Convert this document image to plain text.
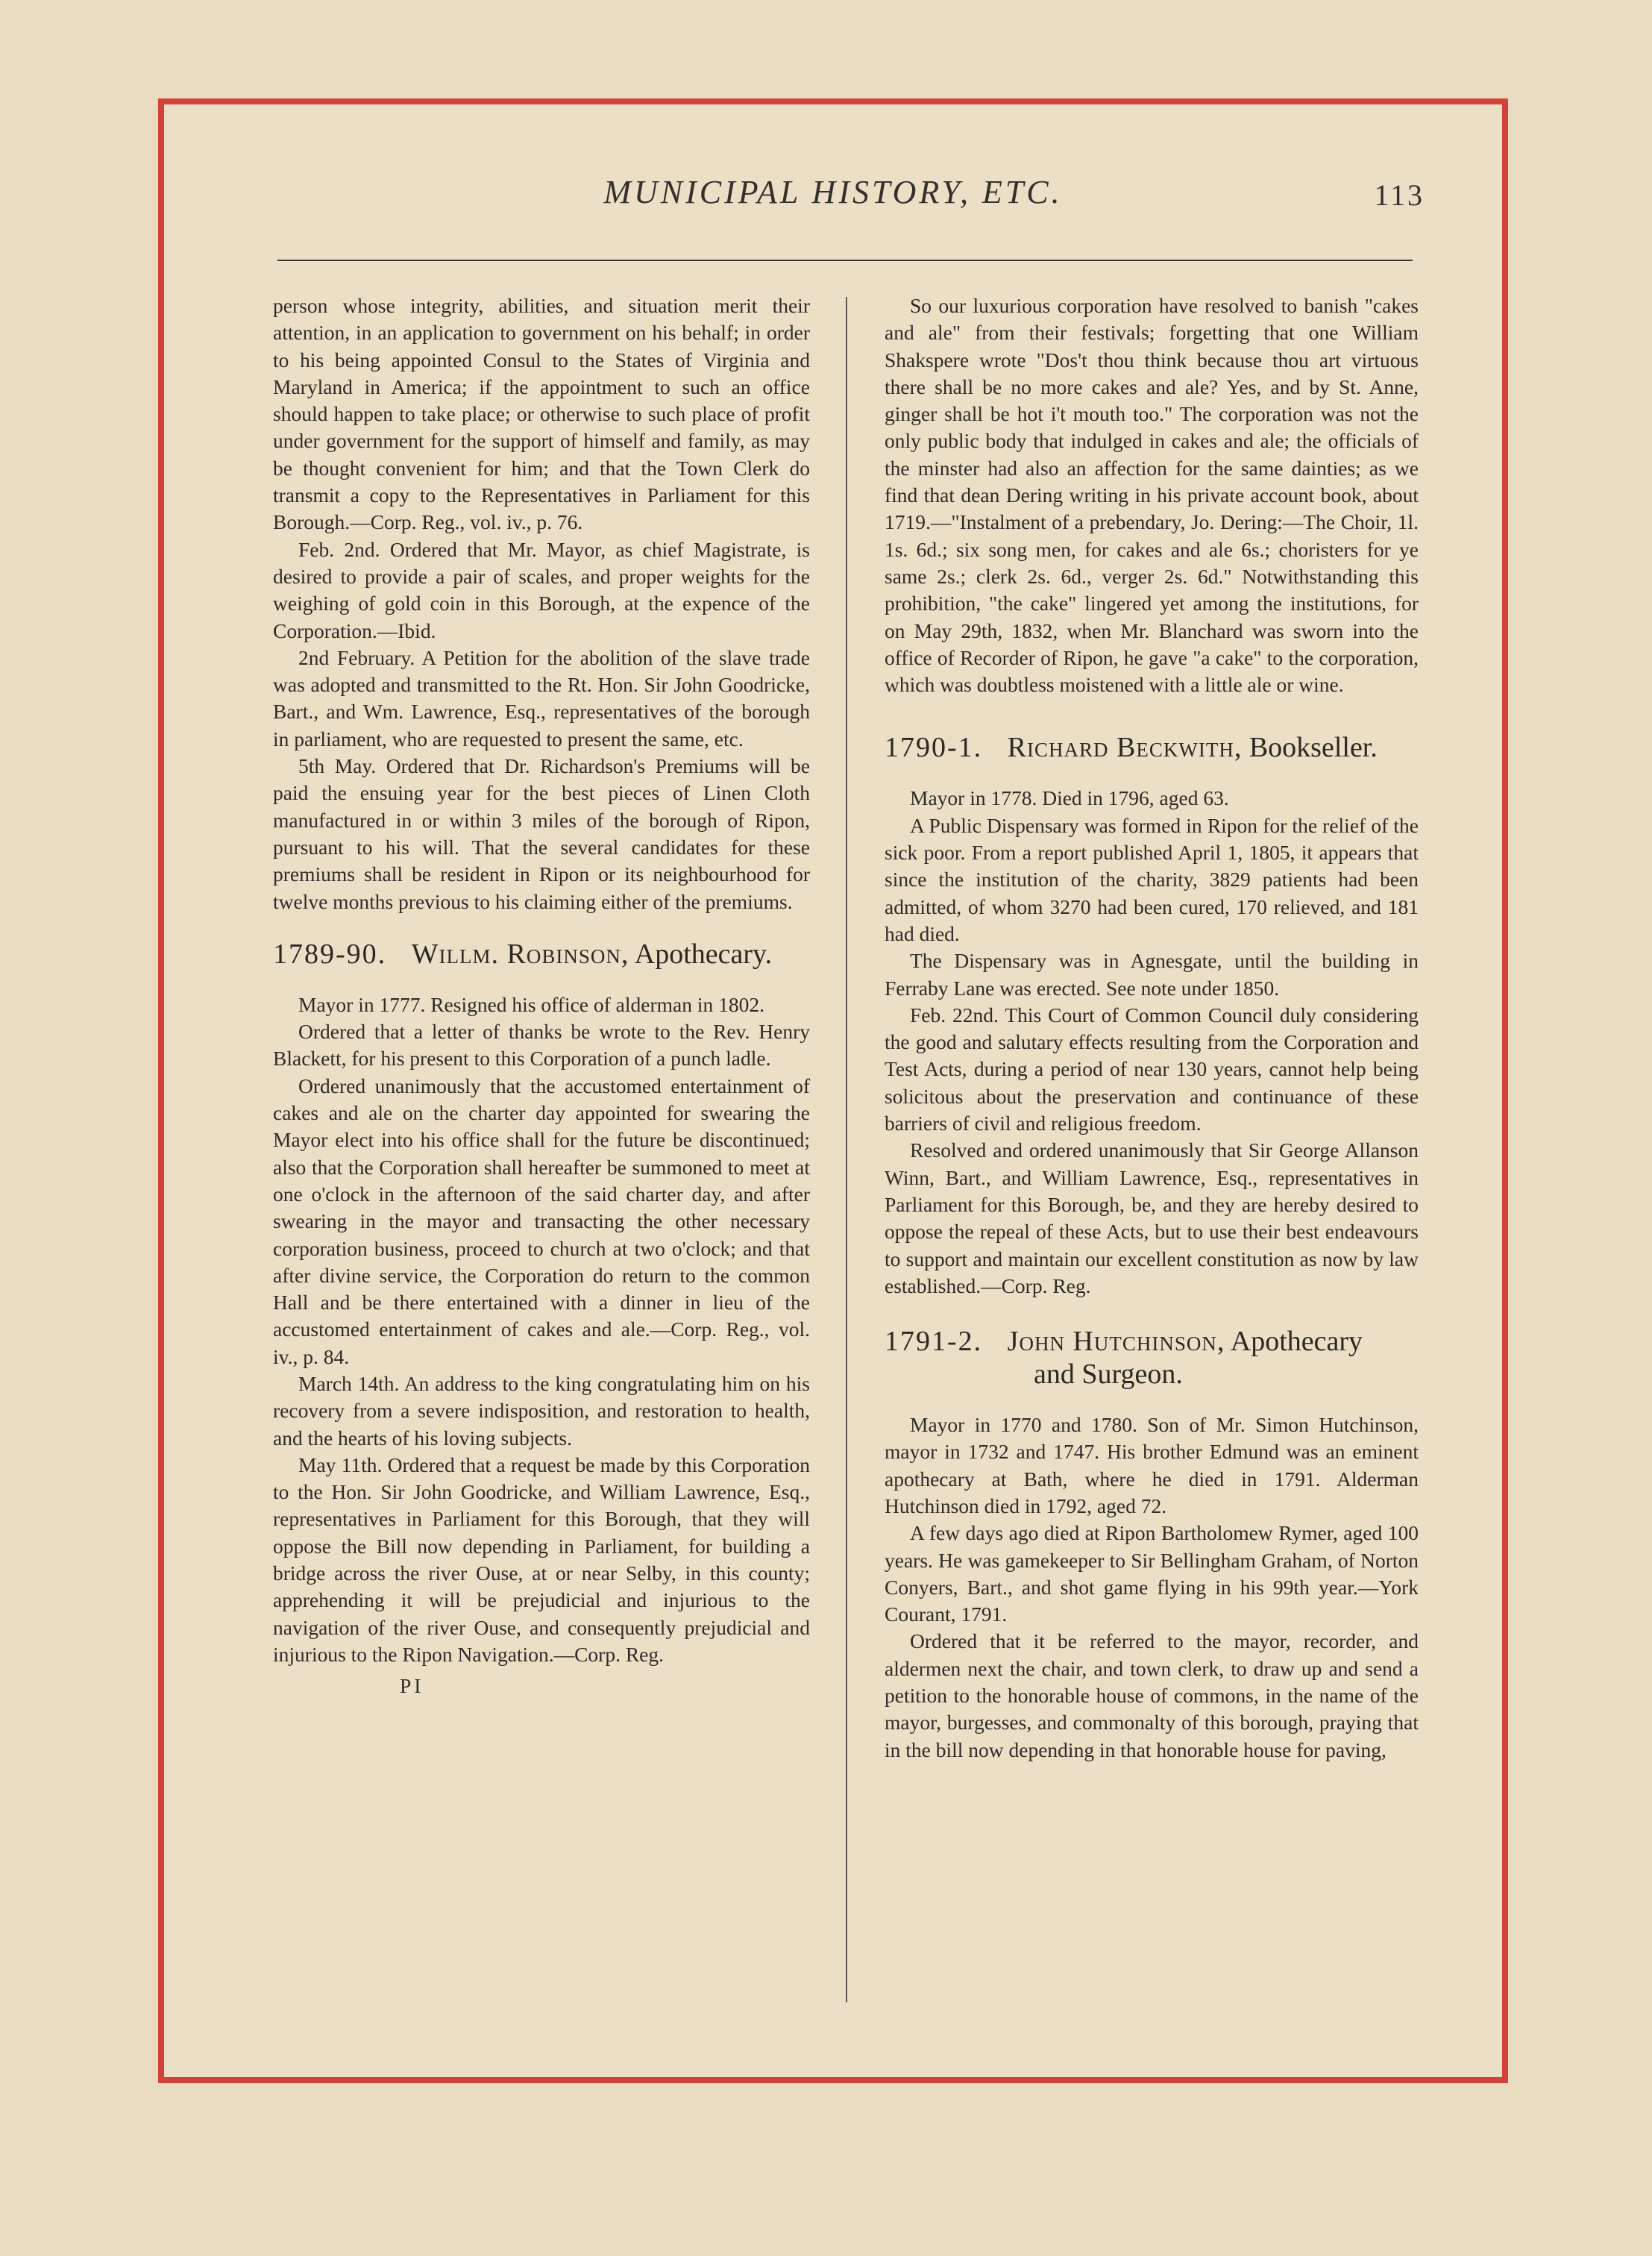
MUNICIPAL HISTORY, ETC.	113

person whose integrity, abilities, and situation merit their attention, in an application to government on his behalf; in order to his being appointed Consul to the States of Virginia and Maryland in America; if the appointment to such an office should happen to take place; or otherwise to such place of profit under government for the support of himself and family, as may be thought convenient for him; and that the Town Clerk do transmit a copy to the Representatives in Parliament for this Borough.—Corp. Reg., vol. iv., p. 76.

Feb. 2nd. Ordered that Mr. Mayor, as chief Magistrate, is desired to provide a pair of scales, and proper weights for the weighing of gold coin in this Borough, at the expence of the Corporation.—Ibid.

2nd February. A Petition for the abolition of the slave trade was adopted and transmitted to the Rt. Hon. Sir John Goodricke, Bart., and Wm. Lawrence, Esq., representatives of the borough in parliament, who are requested to present the same, etc.

5th May. Ordered that Dr. Richardson's Premiums will be paid the ensuing year for the best pieces of Linen Cloth manufactured in or within 3 miles of the borough of Ripon, pursuant to his will. That the several candidates for these premiums shall be resident in Ripon or its neighbourhood for twelve months previous to his claiming either of the premiums.

1789-90. Willm. Robinson, Apothecary.

Mayor in 1777. Resigned his office of alderman in 1802.

Ordered that a letter of thanks be wrote to the Rev. Henry Blackett, for his present to this Corporation of a punch ladle.

Ordered unanimously that the accustomed entertainment of cakes and ale on the charter day appointed for swearing the Mayor elect into his office shall for the future be discontinued; also that the Corporation shall hereafter be summoned to meet at one o'clock in the afternoon of the said charter day, and after swearing in the mayor and transacting the other necessary corporation business, proceed to church at two o'clock; and that after divine service, the Corporation do return to the common Hall and be there entertained with a dinner in lieu of the accustomed entertainment of cakes and ale.—Corp. Reg., vol. iv., p. 84.

March 14th. An address to the king congratulating him on his recovery from a severe indisposition, and restoration to health, and the hearts of his loving subjects.

May 11th. Ordered that a request be made by this Corporation to the Hon. Sir John Goodricke, and William Lawrence, Esq., representatives in Parliament for this Borough, that they will oppose the Bill now depending in Parliament, for building a bridge across the river Ouse, at or near Selby, in this county; apprehending it will be prejudicial and injurious to the navigation of the river Ouse, and consequently prejudicial and injurious to the Ripon Navigation.—Corp. Reg.

PI

So our luxurious corporation have resolved to banish "cakes and ale" from their festivals; forgetting that one William Shakspere wrote "Dos't thou think because thou art virtuous there shall be no more cakes and ale? Yes, and by St. Anne, ginger shall be hot i't mouth too." The corporation was not the only public body that indulged in cakes and ale; the officials of the minster had also an affection for the same dainties; as we find that dean Dering writing in his private account book, about 1719.—"Instalment of a prebendary, Jo. Dering:—The Choir, 1l. 1s. 6d.; six song men, for cakes and ale 6s.; choristers for ye same 2s.; clerk 2s. 6d., verger 2s. 6d." Notwithstanding this prohibition, "the cake" lingered yet among the institutions, for on May 29th, 1832, when Mr. Blanchard was sworn into the office of Recorder of Ripon, he gave "a cake" to the corporation, which was doubtless moistened with a little ale or wine.

1790-1. Richard Beckwith, Bookseller.

Mayor in 1778. Died in 1796, aged 63.

A Public Dispensary was formed in Ripon for the relief of the sick poor. From a report published April 1, 1805, it appears that since the institution of the charity, 3829 patients had been admitted, of whom 3270 had been cured, 170 relieved, and 181 had died.

The Dispensary was in Agnesgate, until the building in Ferraby Lane was erected. See note under 1850.

Feb. 22nd. This Court of Common Council duly considering the good and salutary effects resulting from the Corporation and Test Acts, during a period of near 130 years, cannot help being solicitous about the preservation and continuance of these barriers of civil and religious freedom.

Resolved and ordered unanimously that Sir George Allanson Winn, Bart., and William Lawrence, Esq., representatives in Parliament for this Borough, be, and they are hereby desired to oppose the repeal of these Acts, but to use their best endeavours to support and maintain our excellent constitution as now by law established.—Corp. Reg.

1791-2. John Hutchinson, Apothecary
and Surgeon.

Mayor in 1770 and 1780. Son of Mr. Simon Hutchinson, mayor in 1732 and 1747. His brother Edmund was an eminent apothecary at Bath, where he died in 1791. Alderman Hutchinson died in 1792, aged 72.

A few days ago died at Ripon Bartholomew Rymer, aged 100 years. He was gamekeeper to Sir Bellingham Graham, of Norton Conyers, Bart., and shot game flying in his 99th year.—York Courant, 1791.

Ordered that it be referred to the mayor, recorder, and aldermen next the chair, and town clerk, to draw up and send a petition to the honorable house of commons, in the name of the mayor, burgesses, and commonalty of this borough, praying that in the bill now depending in that honorable house for paving,
